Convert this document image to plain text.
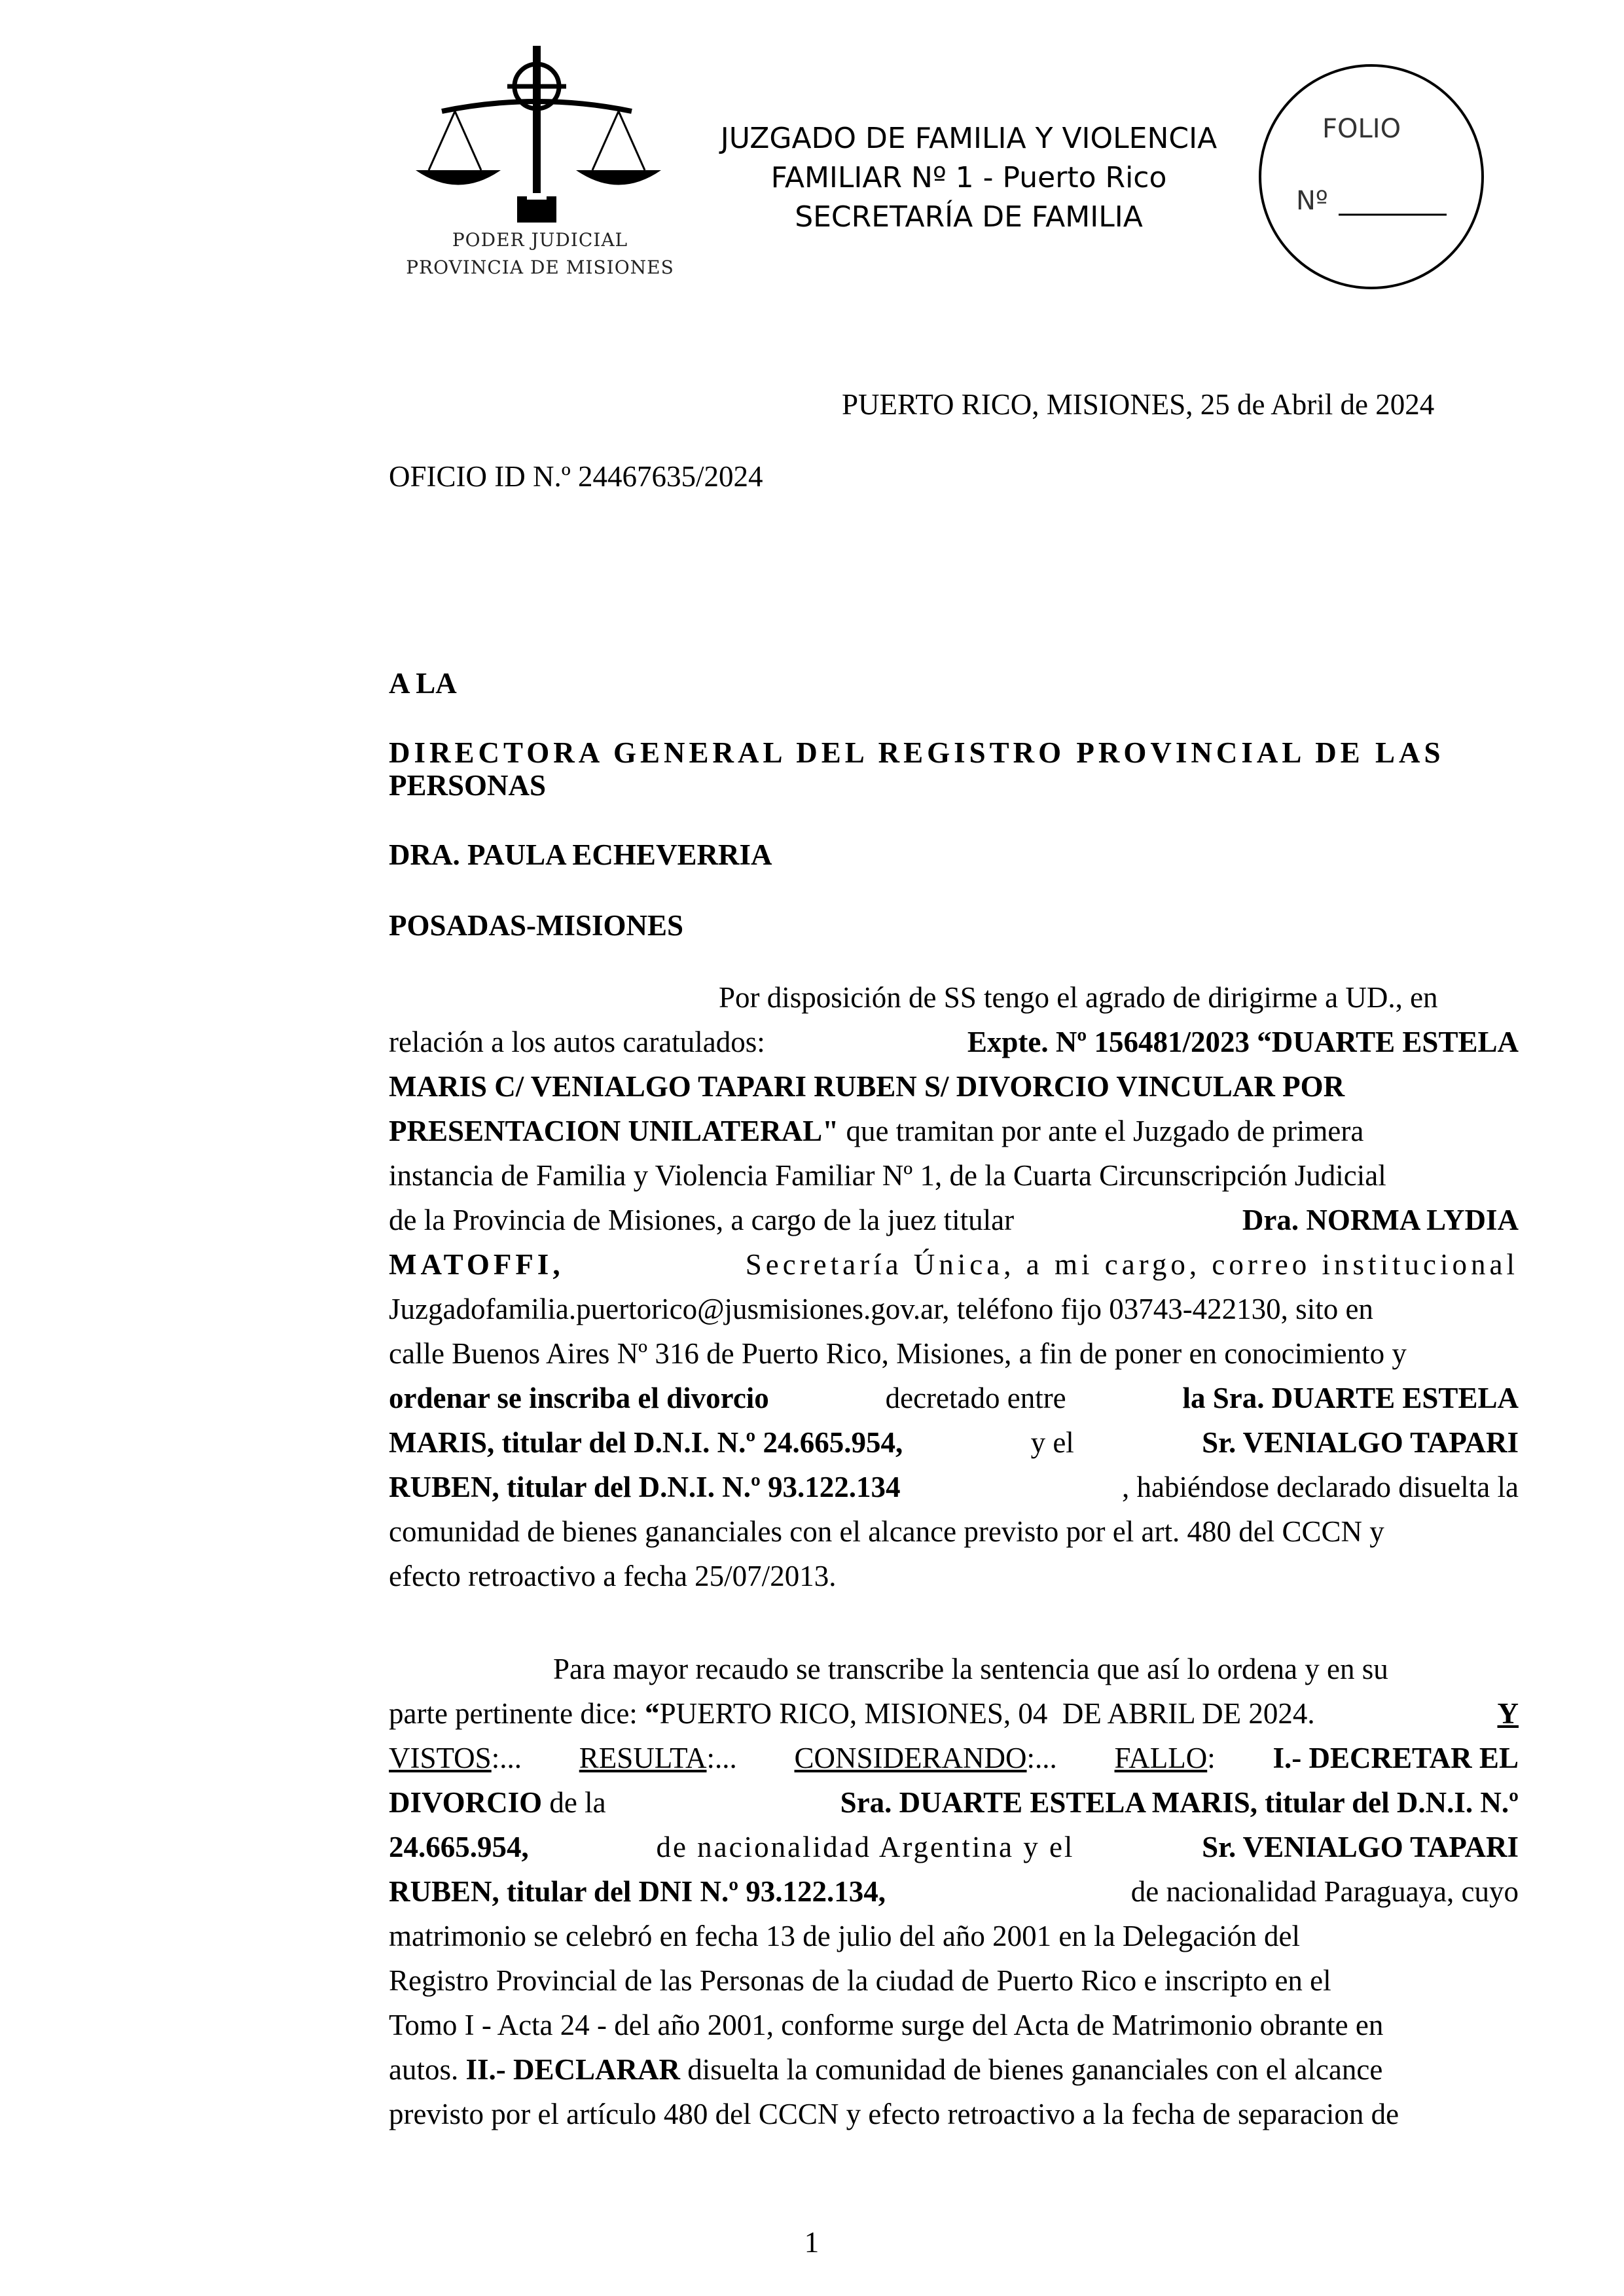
PODER JUDICIAL
PROVINCIA DE MISIONES
JUZGADO DE FAMILIA Y VIOLENCIA
FAMILIAR Nº 1 - Puerto Rico
SECRETARÍA DE FAMILIA
FOLIO
Nº
PUERTO RICO, MISIONES, 25 de Abril de 2024
OFICIO ID N.º 24467635/2024
A LA
DIRECTORA GENERAL DEL REGISTRO PROVINCIAL DE LAS
PERSONAS
DRA. PAULA ECHEVERRIA
POSADAS-MISIONES
Por disposición de SS tengo el agrado de dirigirme a UD., en
relación a los autos caratulados:	Expte. Nº 156481/2023 “DUARTE ESTELA
MARIS C/ VENIALGO TAPARI RUBEN S/ DIVORCIO VINCULAR POR
PRESENTACION UNILATERAL" que tramitan por ante el Juzgado de primera
instancia de Familia y Violencia Familiar Nº 1, de la Cuarta Circunscripción Judicial
de la Provincia de Misiones, a cargo de la juez titular	Dra. NORMA LYDIA
MATOFFI,	Secretaría Única, a mi cargo, correo institucional
Juzgadofamilia.puertorico@jusmisiones.gov.ar, teléfono fijo 03743-422130, sito en
calle Buenos Aires Nº 316 de Puerto Rico, Misiones, a fin de poner en conocimiento y
ordenar se inscriba el divorcio	decretado entre	la Sra. DUARTE ESTELA
MARIS, titular del D.N.I. N.º 24.665.954,	y el	Sr. VENIALGO TAPARI
RUBEN, titular del D.N.I. N.º 93.122.134	, habiéndose declarado disuelta la
comunidad de bienes gananciales con el alcance previsto por el art. 480 del CCCN y
efecto retroactivo a fecha 25/07/2013.
Para mayor recaudo se transcribe la sentencia que así lo ordena y en su
parte pertinente dice: “PUERTO RICO, MISIONES, 04  DE ABRIL DE 2024.	Y
VISTOS:... RESULTA:... CONSIDERANDO:... FALLO: I.- DECRETAR EL
DIVORCIO de la	Sra. DUARTE ESTELA MARIS, titular del D.N.I. N.º
24.665.954,	de nacionalidad Argentina y el	Sr. VENIALGO TAPARI
RUBEN, titular del DNI N.º 93.122.134,	de nacionalidad Paraguaya, cuyo
matrimonio se celebró en fecha 13 de julio del año 2001 en la Delegación del
Registro Provincial de las Personas de la ciudad de Puerto Rico e inscripto en el
Tomo I - Acta 24 - del año 2001, conforme surge del Acta de Matrimonio obrante en
autos. II.- DECLARAR disuelta la comunidad de bienes gananciales con el alcance
previsto por el artículo 480 del CCCN y efecto retroactivo a la fecha de separacion de
1
